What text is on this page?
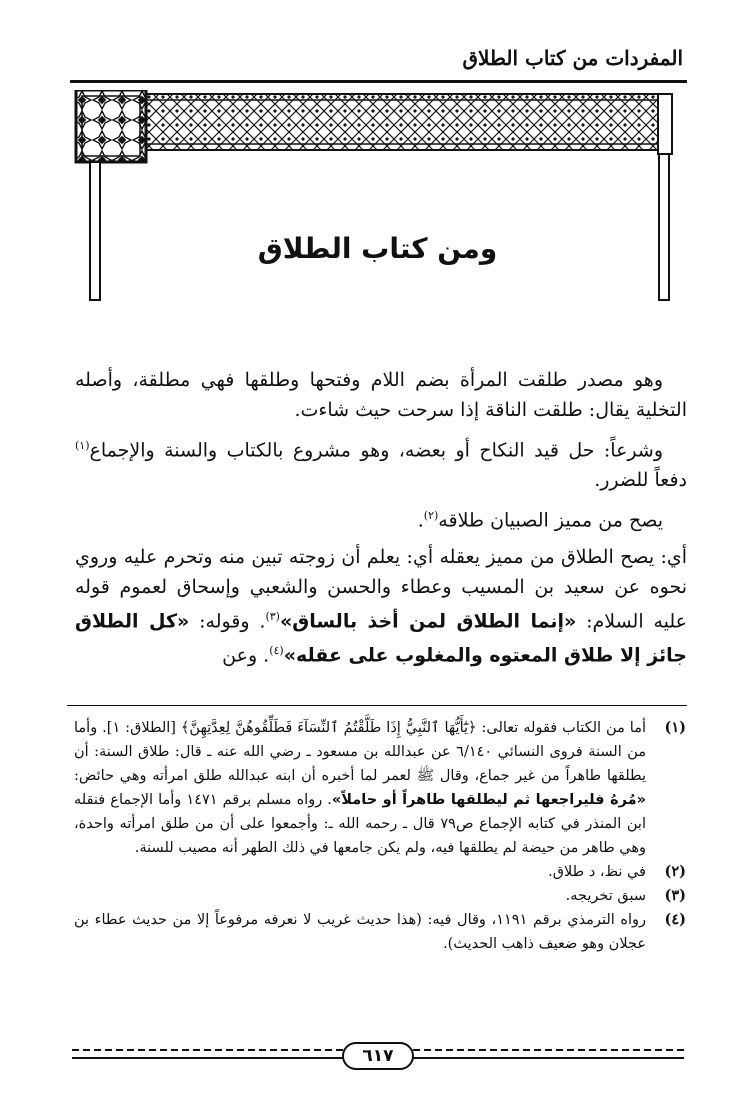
المفردات من كتاب الطلاق
ومن كتاب الطلاق

وهو مصدر طلقت المرأة بضم اللام وفتحها وطلقها فهي مطلقة، وأصله التخلية يقال: طلقت الناقة إذا سرحت حيث شاءت.

وشرعاً: حل قيد النكاح أو بعضه، وهو مشروع بالكتاب والسنة والإجماع$^{(١)}$ دفعاً للضرر.

يصح من مميز الصبيان طلاقه$^{(٢)}$.

أي: يصح الطلاق من مميز يعقله أي: يعلم أن زوجته تبين منه وتحرم عليه وروي نحوه عن سعيد بن المسيب وعطاء والحسن والشعبي وإسحاق لعموم قوله عليه السلام: «إنما الطلاق لمن أخذ بالساق»$^{(٣)}$. وقوله: «كل الطلاق جائز إلا طلاق المعتوه والمغلوب على عقله»$^{(٤)}$. وعن

(١)
أما من الكتاب فقوله تعالى: ﴿يَٰٓأَيُّهَا ٱلنَّبِيُّ إِذَا طَلَّقْتُمُ ٱلنِّسَآءَ فَطَلِّقُوهُنَّ لِعِدَّتِهِنَّ﴾ [الطلاق: ١]. وأما من السنة فروى النسائي ٦/١٤٠ عن عبدالله بن مسعود ـ رضي الله عنه ـ قال: طلاق السنة: أن يطلقها طاهراً من غير جماع، وقال ﷺ لعمر لما أخبره أن ابنه عبدالله طلق امرأته وهي حائض: «مُرهُ فليراجعها ثم ليطلقها طاهراً أو حاملاً». رواه مسلم برقم ١٤٧١ وأما الإجماع فنقله ابن المنذر في كتابه الإجماع ص٧٩ قال ـ رحمه الله ـ: وأجمعوا على أن من طلق امرأته واحدة، وهي طاهر من حيضة لم يطلقها فيه، ولم يكن جامعها في ذلك الطهر أنه مصيب للسنة.
(٢)
في نظ، د طلاق.
(٣)
سبق تخريجه.
(٤)
رواه الترمذي برقم ١١٩١، وقال فيه: (هذا حديث غريب لا نعرفه مرفوعاً إلا من حديث عطاء بن عجلان وهو ضعيف ذاهب الحديث).
٦١٧
